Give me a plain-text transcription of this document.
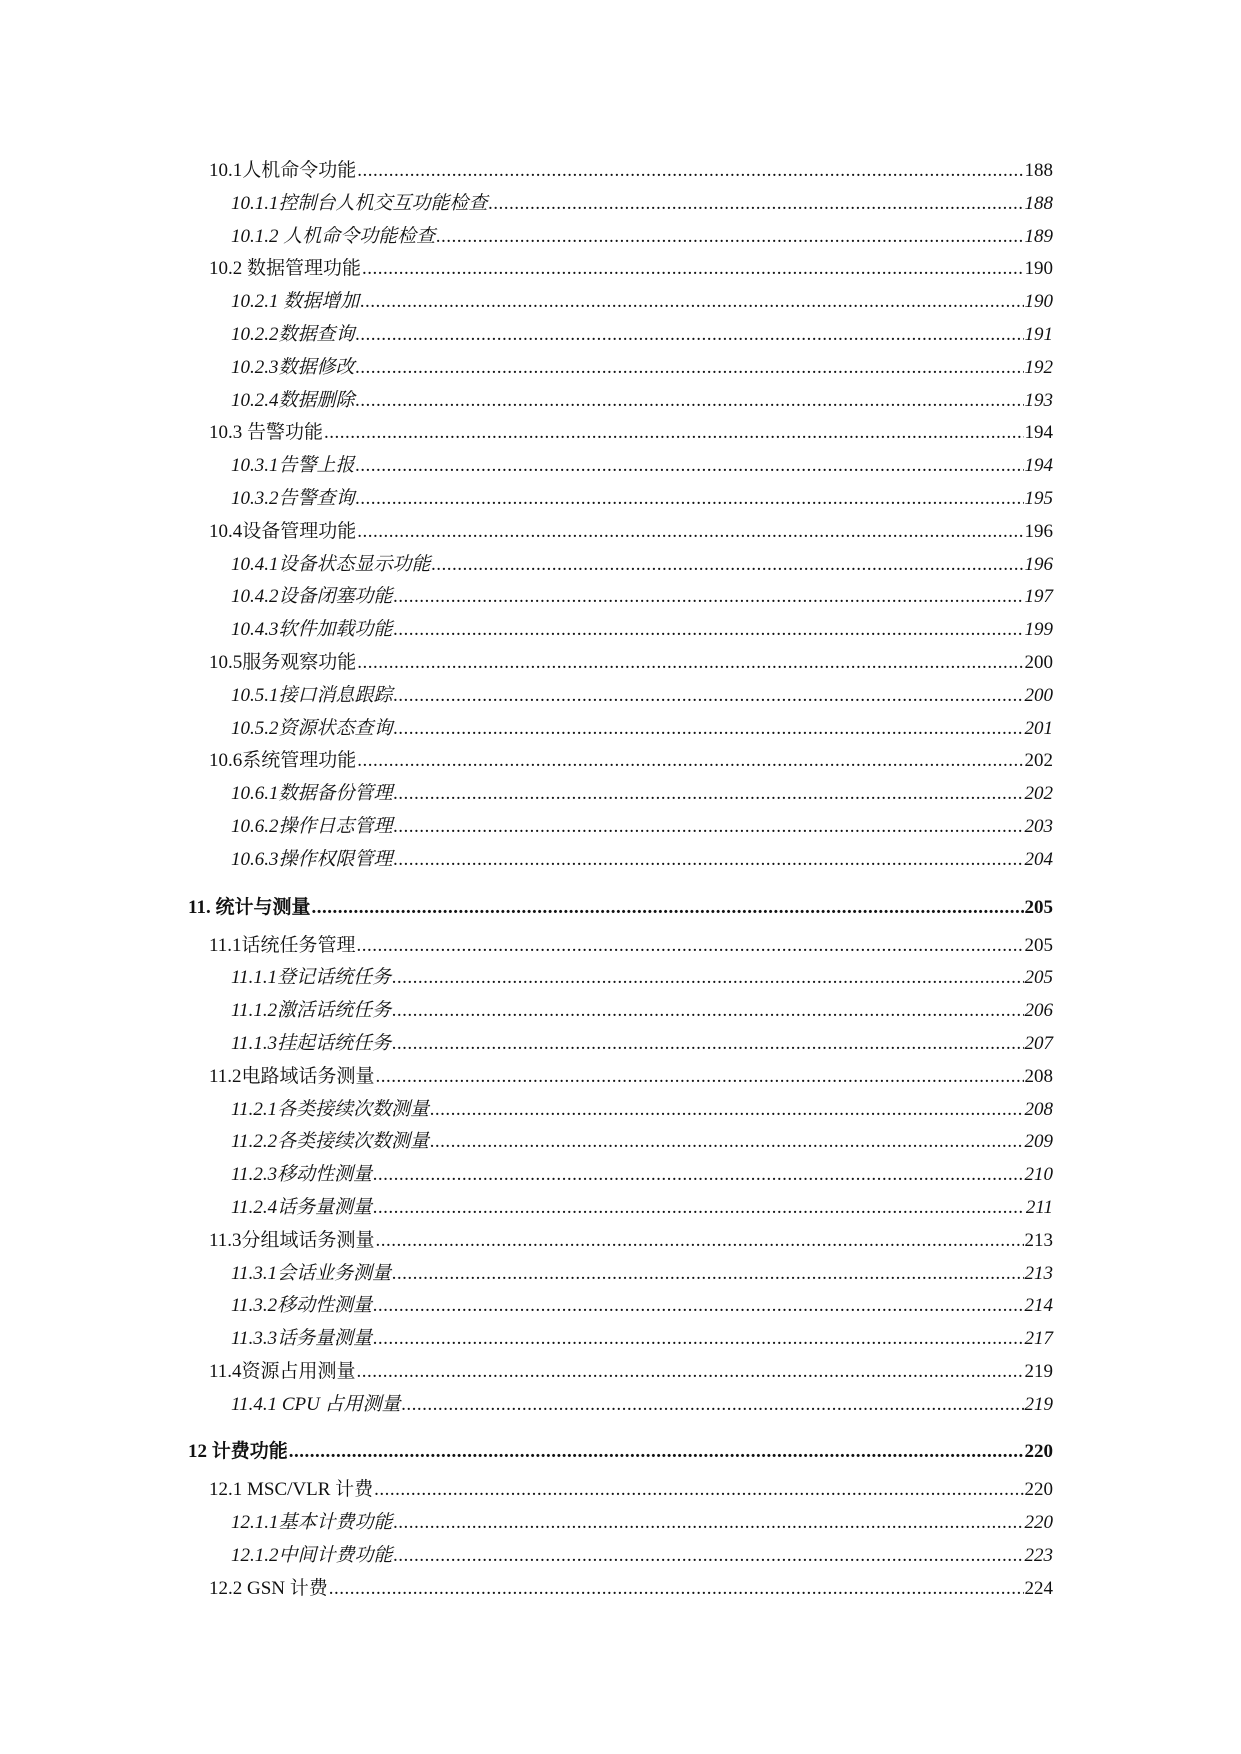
10.1人机命令功能 .....	188
10.1.1控制台人机交互功能检查 .....	188
10.1.2 人机命令功能检查 .....	189
10.2 数据管理功能 .....	190
10.2.1 数据增加 .....	190
10.2.2数据查询 .....	191
10.2.3数据修改 .....	192
10.2.4数据删除 .....	193
10.3 告警功能 .....	194
10.3.1告警上报 .....	194
10.3.2告警查询 .....	195
10.4设备管理功能 .....	196
10.4.1设备状态显示功能 .....	196
10.4.2设备闭塞功能 .....	197
10.4.3软件加载功能 .....	199
10.5服务观察功能 .....	200
10.5.1接口消息跟踪 .....	200
10.5.2资源状态查询 .....	201
10.6系统管理功能 .....	202
10.6.1数据备份管理 .....	202
10.6.2操作日志管理 .....	203
10.6.3操作权限管理 .....	204
11. 统计与测量 .....	205
11.1话统任务管理 .....	205
11.1.1登记话统任务 .....	205
11.1.2激活话统任务 .....	206
11.1.3挂起话统任务 .....	207
11.2电路域话务测量 .....	208
11.2.1各类接续次数测量 .....	208
11.2.2各类接续次数测量 .....	209
11.2.3移动性测量 .....	210
11.2.4话务量测量 .....	211
11.3分组域话务测量 .....	213
11.3.1会话业务测量 .....	213
11.3.2移动性测量 .....	214
11.3.3话务量测量 .....	217
11.4资源占用测量 .....	219
11.4.1 CPU 占用测量 .....	219
12 计费功能 .....	220
12.1 MSC/VLR 计费 .....	220
12.1.1基本计费功能 .....	220
12.1.2中间计费功能 .....	223
12.2 GSN 计费 .....	224
